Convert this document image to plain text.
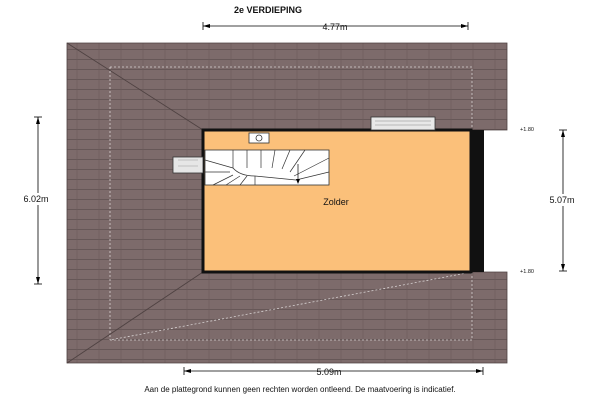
2e VERDIEPING
4.77m
Zolder
6.02m	5.07m
+1.80
+1.80
5.09m
Aan de plattegrond kunnen geen rechten worden ontleend. De maatvoering is indicatief.
